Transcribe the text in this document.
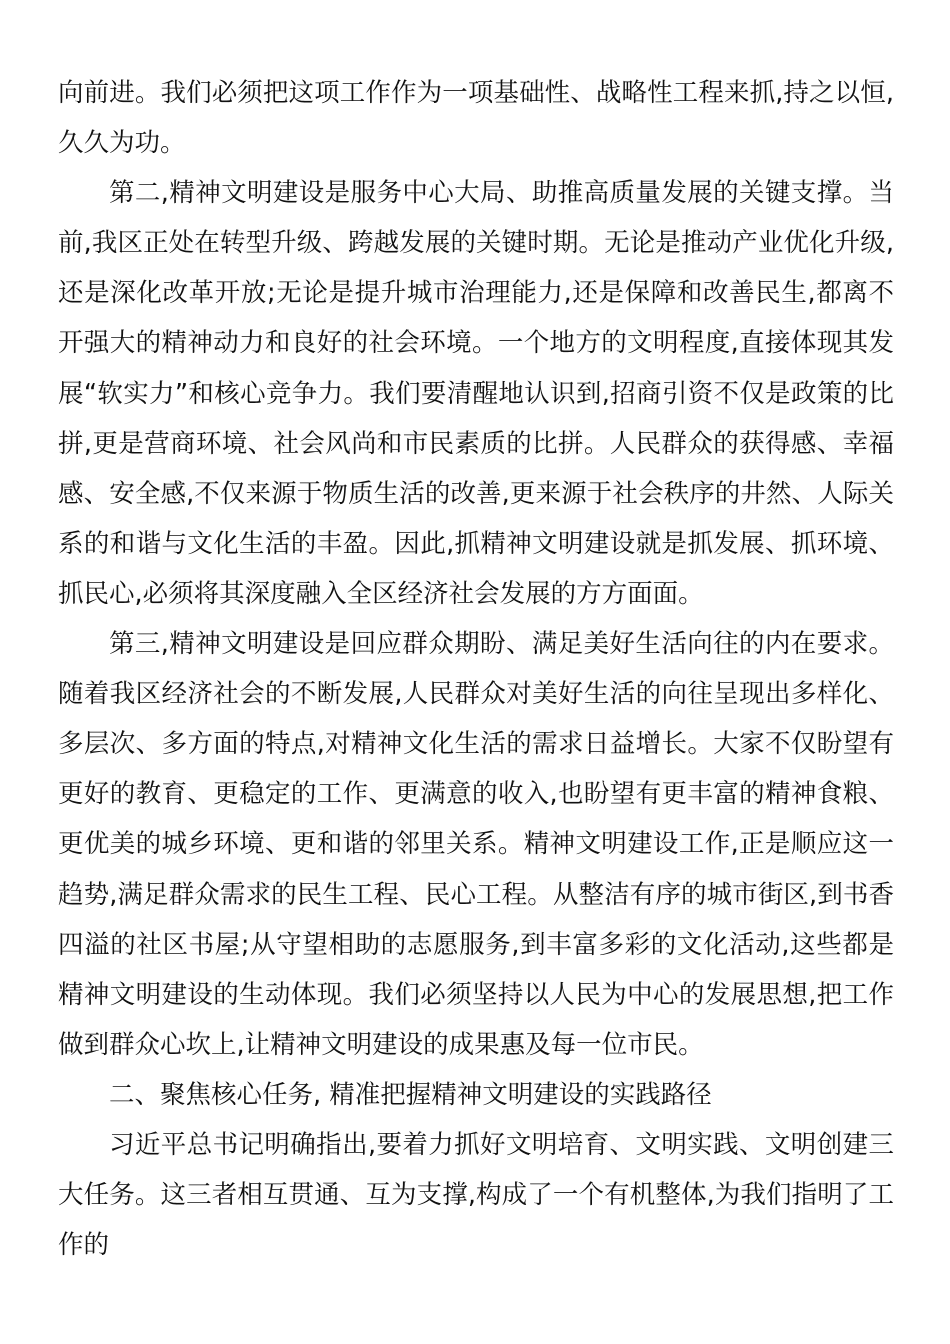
向前进。我们必须把这项工作作为一项基础性、战略性工程来抓,持之以恒,久久为功。

第二,精神文明建设是服务中心大局、助推高质量发展的关键支撑。当前,我区正处在转型升级、跨越发展的关键时期。无论是推动产业优化升级,还是深化改革开放;无论是提升城市治理能力,还是保障和改善民生,都离不开强大的精神动力和良好的社会环境。一个地方的文明程度,直接体现其发展“软实力”和核心竞争力。我们要清醒地认识到,招商引资不仅是政策的比拼,更是营商环境、社会风尚和市民素质的比拼。人民群众的获得感、幸福感、安全感,不仅来源于物质生活的改善,更来源于社会秩序的井然、人际关系的和谐与文化生活的丰盈。因此,抓精神文明建设就是抓发展、抓环境、抓民心,必须将其深度融入全区经济社会发展的方方面面。

第三,精神文明建设是回应群众期盼、满足美好生活向往的内在要求。随着我区经济社会的不断发展,人民群众对美好生活的向往呈现出多样化、多层次、多方面的特点,对精神文化生活的需求日益增长。大家不仅盼望有更好的教育、更稳定的工作、更满意的收入,也盼望有更丰富的精神食粮、更优美的城乡环境、更和谐的邻里关系。精神文明建设工作,正是顺应这一趋势,满足群众需求的民生工程、民心工程。从整洁有序的城市街区,到书香四溢的社区书屋;从守望相助的志愿服务,到丰富多彩的文化活动,这些都是精神文明建设的生动体现。我们必须坚持以人民为中心的发展思想,把工作做到群众心坎上,让精神文明建设的成果惠及每一位市民。

二、聚焦核心任务, 精准把握精神文明建设的实践路径

习近平总书记明确指出,要着力抓好文明培育、文明实践、文明创建三大任务。这三者相互贯通、互为支撑,构成了一个有机整体,为我们指明了工作的
